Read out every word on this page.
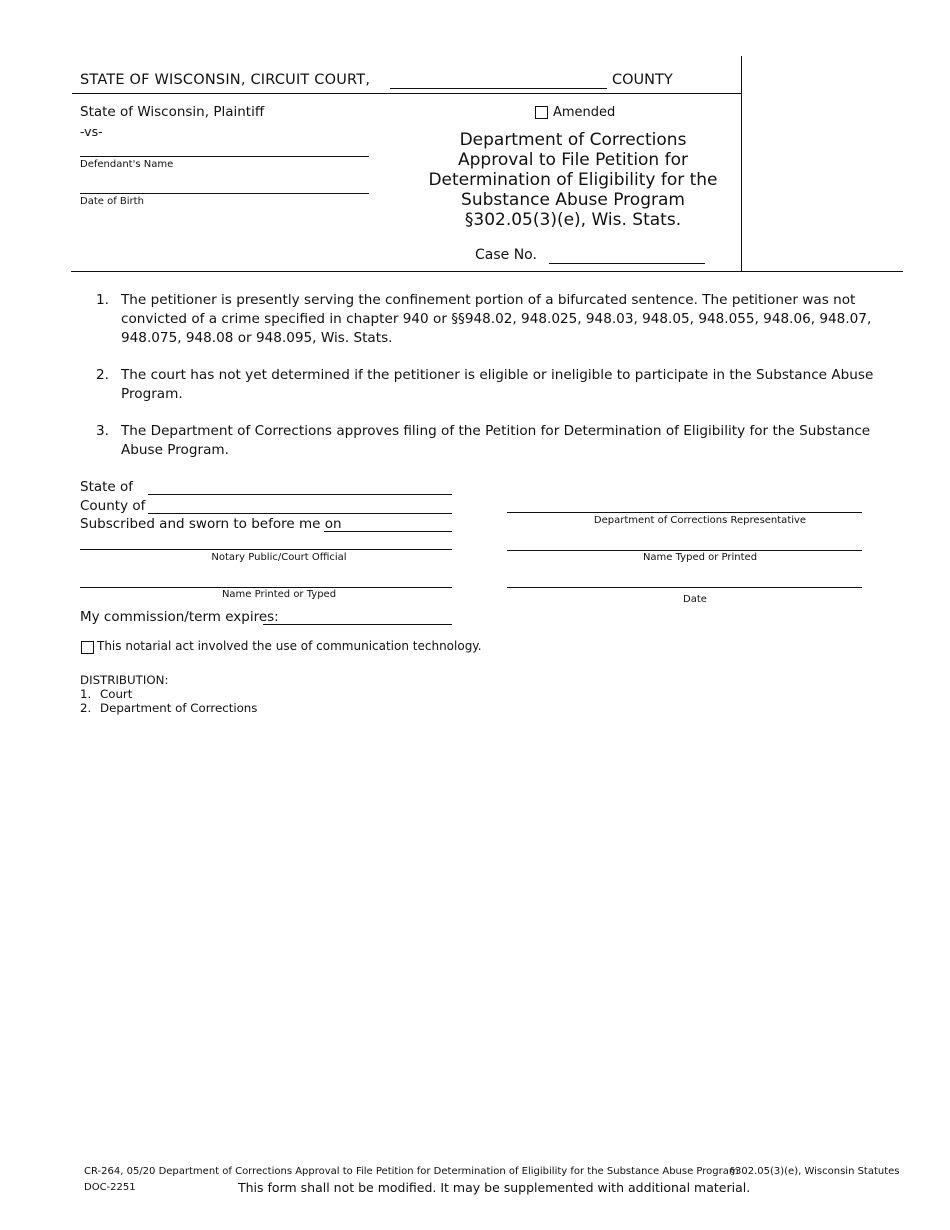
STATE OF WISCONSIN, CIRCUIT COURT,	COUNTY
State of Wisconsin, Plaintiff
-vs-
Defendant's Name
Date of Birth
Amended
Department of Corrections
Approval to File Petition for
Determination of Eligibility for the
Substance Abuse Program
§302.05(3)(e), Wis. Stats.
Case No.
1. The petitioner is presently serving the confinement portion of a bifurcated sentence. The petitioner was not convicted of a crime specified in chapter 940 or §§948.02, 948.025, 948.03, 948.05, 948.055, 948.06, 948.07, 948.075, 948.08 or 948.095, Wis. Stats.
2. The court has not yet determined if the petitioner is eligible or ineligible to participate in the Substance Abuse Program.
3. The Department of Corrections approves filing of the Petition for Determination of Eligibility for the Substance Abuse Program.
State of
County of
Subscribed and sworn to before me on
Notary Public/Court Official
Name Printed or Typed
My commission/term expires:
This notarial act involved the use of communication technology.
Department of Corrections Representative
Name Typed or Printed
Date
DISTRIBUTION:
1. Court
2. Department of Corrections
CR-264, 05/20 Department of Corrections Approval to File Petition for Determination of Eligibility for the Substance Abuse Program
§302.05(3)(e), Wisconsin Statutes
DOC-2251	This form shall not be modified. It may be supplemented with additional material.
